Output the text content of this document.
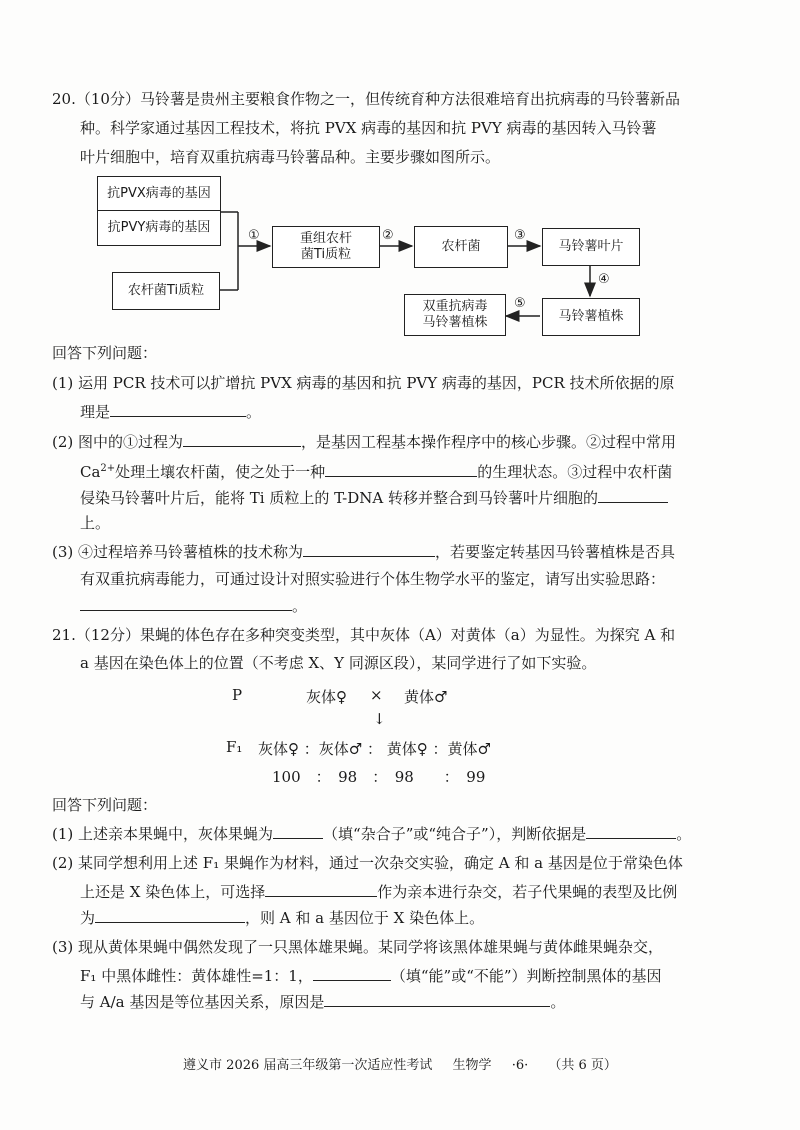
20.（10分）马铃薯是贵州主要粮食作物之一，但传统育种方法很难培育出抗病毒的马铃薯新品
种。科学家通过基因工程技术，将抗 PVX 病毒的基因和抗 PVY 病毒的基因转入马铃薯
叶片细胞中，培育双重抗病毒马铃薯品种。主要步骤如图所示。
抗PVX病毒的基因
抗PVY病毒的基因
农杆菌Ti质粒
①	重组农杆
菌Ti质粒
②
农杆菌
③
马铃薯叶片
④
马铃薯植株
⑤
双重抗病毒
马铃薯植株
回答下列问题：
(1) 运用 PCR 技术可以扩增抗 PVX 病毒的基因和抗 PVY 病毒的基因，PCR 技术所依据的原
理是	。
(2) 图中的①过程为	，是基因工程基本操作程序中的核心步骤。②过程中常用
$Ca^{2+}$处理土壤农杆菌，使之处于一种	的生理状态。③过程中农杆菌
侵染马铃薯叶片后，能将 Ti 质粒上的 T-DNA 转移并整合到马铃薯叶片细胞的
上。
(3) ④过程培养马铃薯植株的技术称为	，若要鉴定转基因马铃薯植株是否具
有双重抗病毒能力，可通过设计对照实验进行个体生物学水平的鉴定，请写出实验思路：
。
21.（12分）果蝇的体色存在多种突变类型，其中灰体（A）对黄体（a）为显性。为探究 A 和
a 基因在染色体上的位置（不考虑 X、Y 同源区段），某同学进行了如下实验。
P	灰体♀ × 黄体♂
↓
F₁ 灰体♀ ：灰体♂ ： 黄体♀ ：黄体♂
100　：　98　：　98　　：　99
回答下列问题：
(1) 上述亲本果蝇中，灰体果蝇为	（填“杂合子”或“纯合子”），判断依据是	。
(2) 某同学想利用上述 F₁ 果蝇作为材料，通过一次杂交实验，确定 A 和 a 基因是位于常染色体
上还是 X 染色体上，可选择	作为亲本进行杂交，若子代果蝇的表型及比例
为	，则 A 和 a 基因位于 X 染色体上。
(3) 现从黄体果蝇中偶然发现了一只黑体雄果蝇。某同学将该黑体雄果蝇与黄体雌果蝇杂交，
F₁ 中黑体雌性：黄体雄性=1：1，	（填“能”或“不能”）判断控制黑体的基因
与 A/a 基因是等位基因关系，原因是	。
遵义市 2026 届高三年级第一次适应性考试 生物学 ·6· （共 6 页）
